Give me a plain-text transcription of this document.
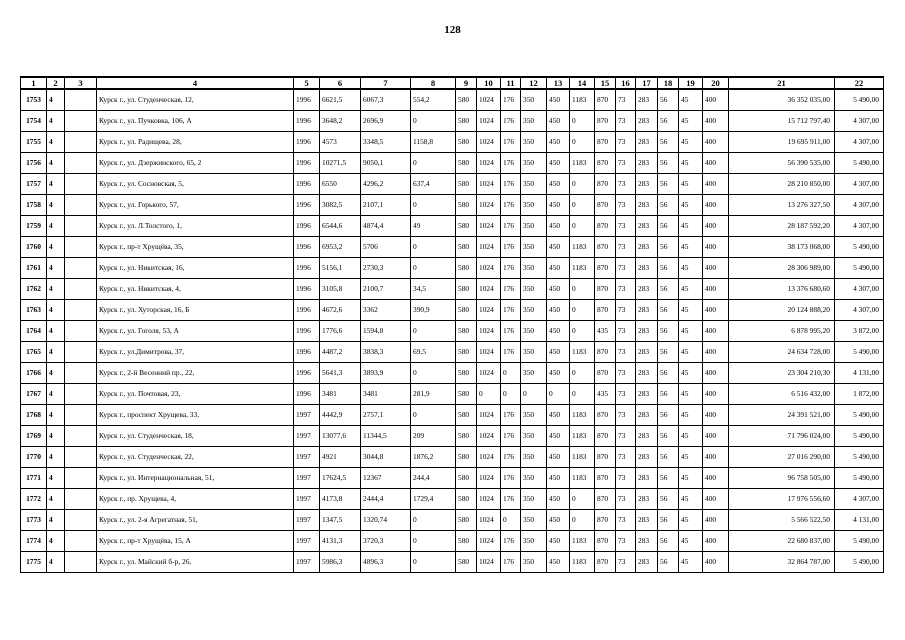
128
1	2	3	4	5	6	7	8	9	10	11	12	13	14	15	16	17	18	19	20	21	22
1753	4		Курск г., ул. Студенческая, 12,	1996	6621,5	6067,3	554,2	580	1024	176	350	450	1183	870	73	283	56	45	400	36 352 035,00	5 490,00
1754	4		Курск г., ул. Пучковка, 106, А	1996	3648,2	2696,9	0	580	1024	176	350	450	0	870	73	283	56	45	400	15 712 797,40	4 307,00
1755	4		Курск г., ул. Радищева, 28,	1996	4573	3348,5	1158,8	580	1024	176	350	450	0	870	73	283	56	45	400	19 695 911,00	4 307,00
1756	4		Курск г., ул. Дзержинского, 65, 2	1996	10271,5	9050,1	0	580	1024	176	350	450	1183	870	73	283	56	45	400	56 390 535,00	5 490,00
1757	4		Курск г., ул. Сосновская, 5,	1996	6550	4296,2	637,4	580	1024	176	350	450	0	870	73	283	56	45	400	28 210 850,00	4 307,00
1758	4		Курск г., ул. Горького, 57,	1996	3082,5	2107,1	0	580	1024	176	350	450	0	870	73	283	56	45	400	13 276 327,50	4 307,00
1759	4		Курск г., ул. Л.Толстого, 1,	1996	6544,6	4874,4	49	580	1024	176	350	450	0	870	73	283	56	45	400	28 187 592,20	4 307,00
1760	4		Курск г., пр-т Хрущёва, 35,	1996	6953,2	5706	0	580	1024	176	350	450	1183	870	73	283	56	45	400	38 173 068,00	5 490,00
1761	4		Курск г., ул. Никитская, 16,	1996	5156,1	2730,3	0	580	1024	176	350	450	1183	870	73	283	56	45	400	28 306 989,00	5 490,00
1762	4		Курск г., ул. Никитская, 4,	1996	3105,8	2100,7	34,5	580	1024	176	350	450	0	870	73	283	56	45	400	13 376 680,60	4 307,00
1763	4		Курск г., ул. Хуторская, 16, Б	1996	4672,6	3362	390,9	580	1024	176	350	450	0	870	73	283	56	45	400	20 124 888,20	4 307,00
1764	4		Курск г., ул. Гоголя, 53, А	1996	1776,6	1594,8	0	580	1024	176	350	450	0	435	73	283	56	45	400	6 878 995,20	3 872,00
1765	4		Курск г., ул.Димитрова, 37,	1996	4487,2	3838,3	69,5	580	1024	176	350	450	1183	870	73	283	56	45	400	24 634 728,00	5 490,00
1766	4		Курск г., 2-й Весенний пр., 22,	1996	5641,3	3893,9	0	580	1024	0	350	450	0	870	73	283	56	45	400	23 304 210,30	4 131,00
1767	4		Курск г., ул. Почтовая, 23,	1996	3481	3481	281,9	580	0	0	0	0	0	435	73	283	56	45	400	6 516 432,00	1 872,00
1768	4		Курск г., проспект Хрущева, 33,	1997	4442,9	2757,1	0	580	1024	176	350	450	1183	870	73	283	56	45	400	24 391 521,00	5 490,00
1769	4		Курск г., ул. Студенческая, 18,	1997	13077,6	11344,5	209	580	1024	176	350	450	1183	870	73	283	56	45	400	71 796 024,00	5 490,00
1770	4		Курск г., ул. Студенческая, 22,	1997	4921	3044,8	1876,2	580	1024	176	350	450	1183	870	73	283	56	45	400	27 016 290,00	5 490,00
1771	4		Курск г., ул. Интернациональная, 51,	1997	17624,5	12367	244,4	580	1024	176	350	450	1183	870	73	283	56	45	400	96 758 505,00	5 490,00
1772	4		Курск г., пр. Хрущева, 4,	1997	4173,8	2444,4	1729,4	580	1024	176	350	450	0	870	73	283	56	45	400	17 976 556,60	4 307,00
1773	4		Курск г., ул. 2-я Агрегатная, 51,	1997	1347,5	1320,74	0	580	1024	0	350	450	0	870	73	283	56	45	400	5 566 522,50	4 131,00
1774	4		Курск г., пр-т Хрущёва, 15, А	1997	4131,3	3720,3	0	580	1024	176	350	450	1183	870	73	283	56	45	400	22 680 837,00	5 490,00
1775	4		Курск г., ул. Майский б-р, 26,	1997	5986,3	4896,3	0	580	1024	176	350	450	1183	870	73	283	56	45	400	32 864 787,00	5 490,00
